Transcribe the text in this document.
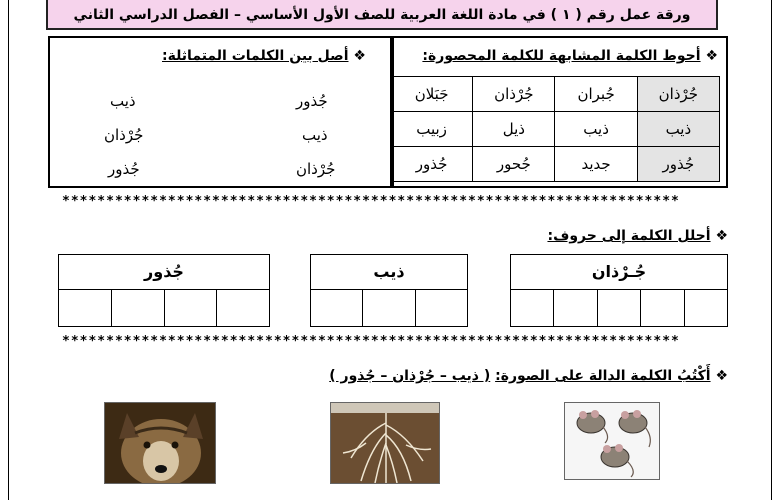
ورقة عمل رقم ( ١ ) في مادة اللغة العربية للصف الأول الأساسي – الفصل الدراسي الثاني
❖ أحوط الكلمة المشابهة للكلمة المحصورة:
جُرْذان	جُبران	جُرْذان	جَبَلان
ذيب	ذيب	ذيل	زبيب
جُذور	جديد	جُحور	جُذور
❖ أصل بين الكلمات المتماثلة:
جُذور
ذيب
جُرْذان
ذيب
جُرْذان
جُذور
**********************************************************************
❖ أحلل الكلمة إلى حروف:
جُـرْذان
ذيب
جُذور
**********************************************************************
❖ أَكْتُبُ الكلمة الدالة على الصورة: ( ذيب – جُرْذان – جُذور )
